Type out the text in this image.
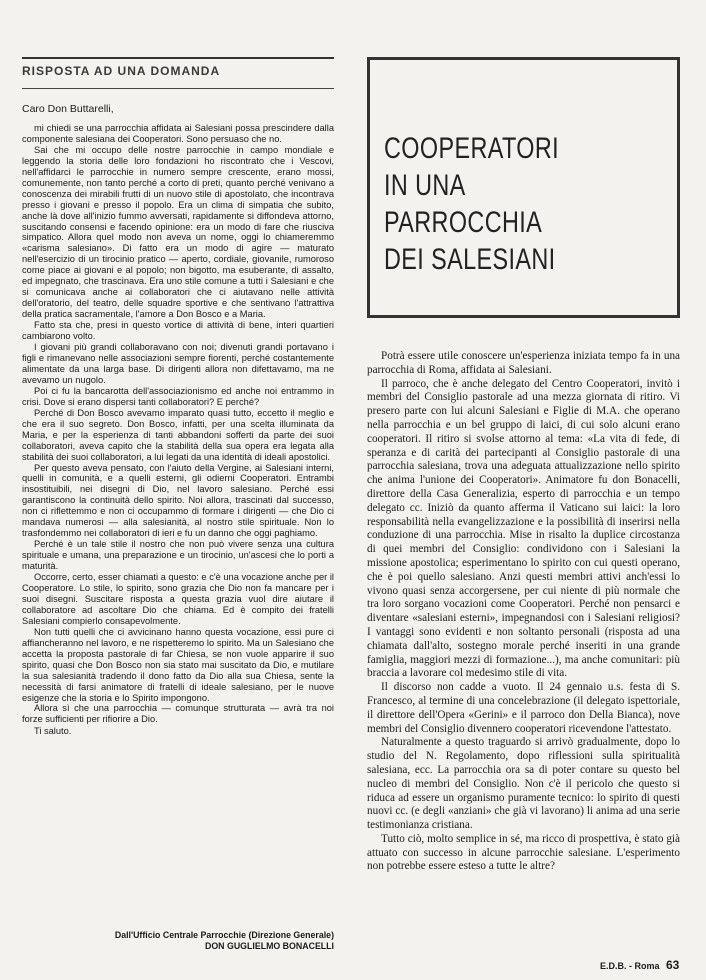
RISPOSTA AD UNA DOMANDA

Caro Don Buttarelli,

mi chiedi se una parrocchia affidata ai Salesiani possa prescindere dalla componente salesiana dei Cooperatori. Sono persuaso che no.

Sai che mi occupo delle nostre parrocchie in campo mondiale e leggendo la storia delle loro fondazioni ho riscontrato che i Vescovi, nell'affidarci le parrocchie in numero sempre crescente, erano mossi, comunemente, non tanto perché a corto di preti, quanto perché venivano a conoscenza dei mirabili frutti di un nuovo stile di apostolato, che incontrava presso i giovani e presso il popolo. Era un clima di simpatia che subito, anche là dove all'inizio fummo avversati, rapidamente si diffondeva attorno, suscitando consensi e facendo opinione: era un modo di fare che riusciva simpatico. Allora quel modo non aveva un nome, oggi lo chiameremmo «carisma salesiano». Di fatto era un modo di agire — maturato nell'esercizio di un tirocinio pratico — aperto, cordiale, giovanile, rumoroso come piace ai giovani e al popolo; non bigotto, ma esuberante, di assalto, ed impegnato, che trascinava. Era uno stile comune a tutti i Salesiani e che si comunicava anche ai collaboratori che ci aiutavano nelle attività dell'oratorio, del teatro, delle squadre sportive e che sentivano l'attrattiva della pratica sacramentale, l'amore a Don Bosco e a Maria.

Fatto sta che, presi in questo vortice di attività di bene, interi quartieri cambiarono volto.

I giovani più grandi collaboravano con noi; divenuti grandi portavano i figli e rimanevano nelle associazioni sempre fiorenti, perché costantemente alimentate da una larga base. Di dirigenti allora non difettavamo, ma ne avevamo un nugolo.

Poi ci fu la bancarotta dell'associazionismo ed anche noi entrammo in crisi. Dove si erano dispersi tanti collaboratori? E perché?

Perché di Don Bosco avevamo imparato quasi tutto, eccetto il meglio e che era il suo segreto. Don Bosco, infatti, per una scelta illuminata da Maria, e per la esperienza di tanti abbandoni sofferti da parte dei suoi collaboratori, aveva capito che la stabilità della sua opera era legata alla stabilità dei suoi collaboratori, a lui legati da una identità di ideali apostolici.

Per questo aveva pensato, con l'aiuto della Vergine, ai Salesiani interni, quelli in comunità, e a quelli esterni, gli odierni Cooperatori. Entrambi insostituibili, nei disegni di Dio, nel lavoro salesiano. Perché essi garantiscono la continuità dello spirito. Noi allora, trascinati dal successo, non ci riflettemmo e non ci occupammo di formare i dirigenti — che Dio ci mandava numerosi — alla salesianità, al nostro stile spirituale. Non lo trasfondemmo nei collaboratori di ieri e fu un danno che oggi paghiamo.

Perché è un tale stile il nostro che non può vivere senza una cultura spirituale e umana, una preparazione e un tirocinio, un'ascesi che lo porti a maturità.

Occorre, certo, esser chiamati a questo: e c'è una vocazione anche per il Cooperatore. Lo stile, lo spirito, sono grazia che Dio non fa mancare per i suoi disegni. Suscitare risposta a questa grazia vuol dire aiutare il collaboratore ad ascoltare Dio che chiama. Ed è compito dei fratelli Salesiani compierlo consapevolmente.

Non tutti quelli che ci avvicinano hanno questa vocazione, essi pure ci affiancheranno nel lavoro, e ne rispetteremo lo spirito. Ma un Salesiano che accetta la proposta pastorale di far Chiesa, se non vuole apparire il suo spirito, quasi che Don Bosco non sia stato mai suscitato da Dio, e mutilare la sua salesianità tradendo il dono fatto da Dio alla sua Chiesa, sente la necessità di farsi animatore di fratelli di ideale salesiano, per le nuove esigenze che la storia e lo Spirito impongono.

Allora sì che una parrocchia — comunque strutturata — avrà tra noi forze sufficienti per rifiorire a Dio.

Ti saluto.

Dall'Ufficio Centrale Parrocchie (Direzione Generale)
DON GUGLIELMO BONACELLI
COOPERATORI
IN UNA
PARROCCHIA
DEI SALESIANI

Potrà essere utile conoscere un'esperienza iniziata tempo fa in una parrocchia di Roma, affidata ai Salesiani.

Il parroco, che è anche delegato del Centro Cooperatori, invitò i membri del Consiglio pastorale ad una mezza giornata di ritiro. Vi presero parte con lui alcuni Salesiani e Figlie di M.A. che operano nella parrocchia e un bel gruppo di laici, di cui solo alcuni erano cooperatori. Il ritiro si svolse attorno al tema: «La vita di fede, di speranza e di carità dei partecipanti al Consiglio pastorale di una parrocchia salesiana, trova una adeguata attualizzazione nello spirito che anima l'unione dei Cooperatori». Animatore fu don Bonacelli, direttore della Casa Generalizia, esperto di parrocchia e un tempo delegato cc. Iniziò da quanto afferma il Vaticano sui laici: la loro responsabilità nella evangelizzazione e la possibilità di inserirsi nella conduzione di una parrocchia. Mise in risalto la duplice circostanza di quei membri del Consiglio: condividono con i Salesiani la missione apostolica; esperimentano lo spirito con cui questi operano, che è poi quello salesiano. Anzi questi membri attivi anch'essi lo vivono quasi senza accorgersene, per cui niente di più normale che tra loro sorgano vocazioni come Cooperatori. Perché non pensarci e diventare «salesiani esterni», impegnandosi con i Salesiani religiosi? I vantaggi sono evidenti e non soltanto personali (risposta ad una chiamata dall'alto, sostegno morale perché inseriti in una grande famiglia, maggiori mezzi di formazione...), ma anche comunitari: più braccia a lavorare col medesimo stile di vita.

Il discorso non cadde a vuoto. Il 24 gennaio u.s. festa di S. Francesco, al termine di una concelebrazione (il delegato ispettoriale, il direttore dell'Opera «Gerini» e il parroco don Della Bianca), nove membri del Consiglio divennero cooperatori ricevendone l'attestato.

Naturalmente a questo traguardo si arrivò gradualmente, dopo lo studio del N. Regolamento, dopo riflessioni sulla spiritualità salesiana, ecc. La parrocchia ora sa di poter contare su questo bel nucleo di membri del Consiglio. Non c'è il pericolo che questo si riduca ad essere un organismo puramente tecnico: lo spirito di questi nuovi cc. (e degli «anziani» che già vi lavorano) li anima ad una serie testimonianza cristiana.

Tutto ciò, molto semplice in sé, ma ricco di prospettiva, è stato già attuato con successo in alcune parrocchie salesiane. L'esperimento non potrebbe essere esteso a tutte le altre?

E.D.B. - Roma 63
